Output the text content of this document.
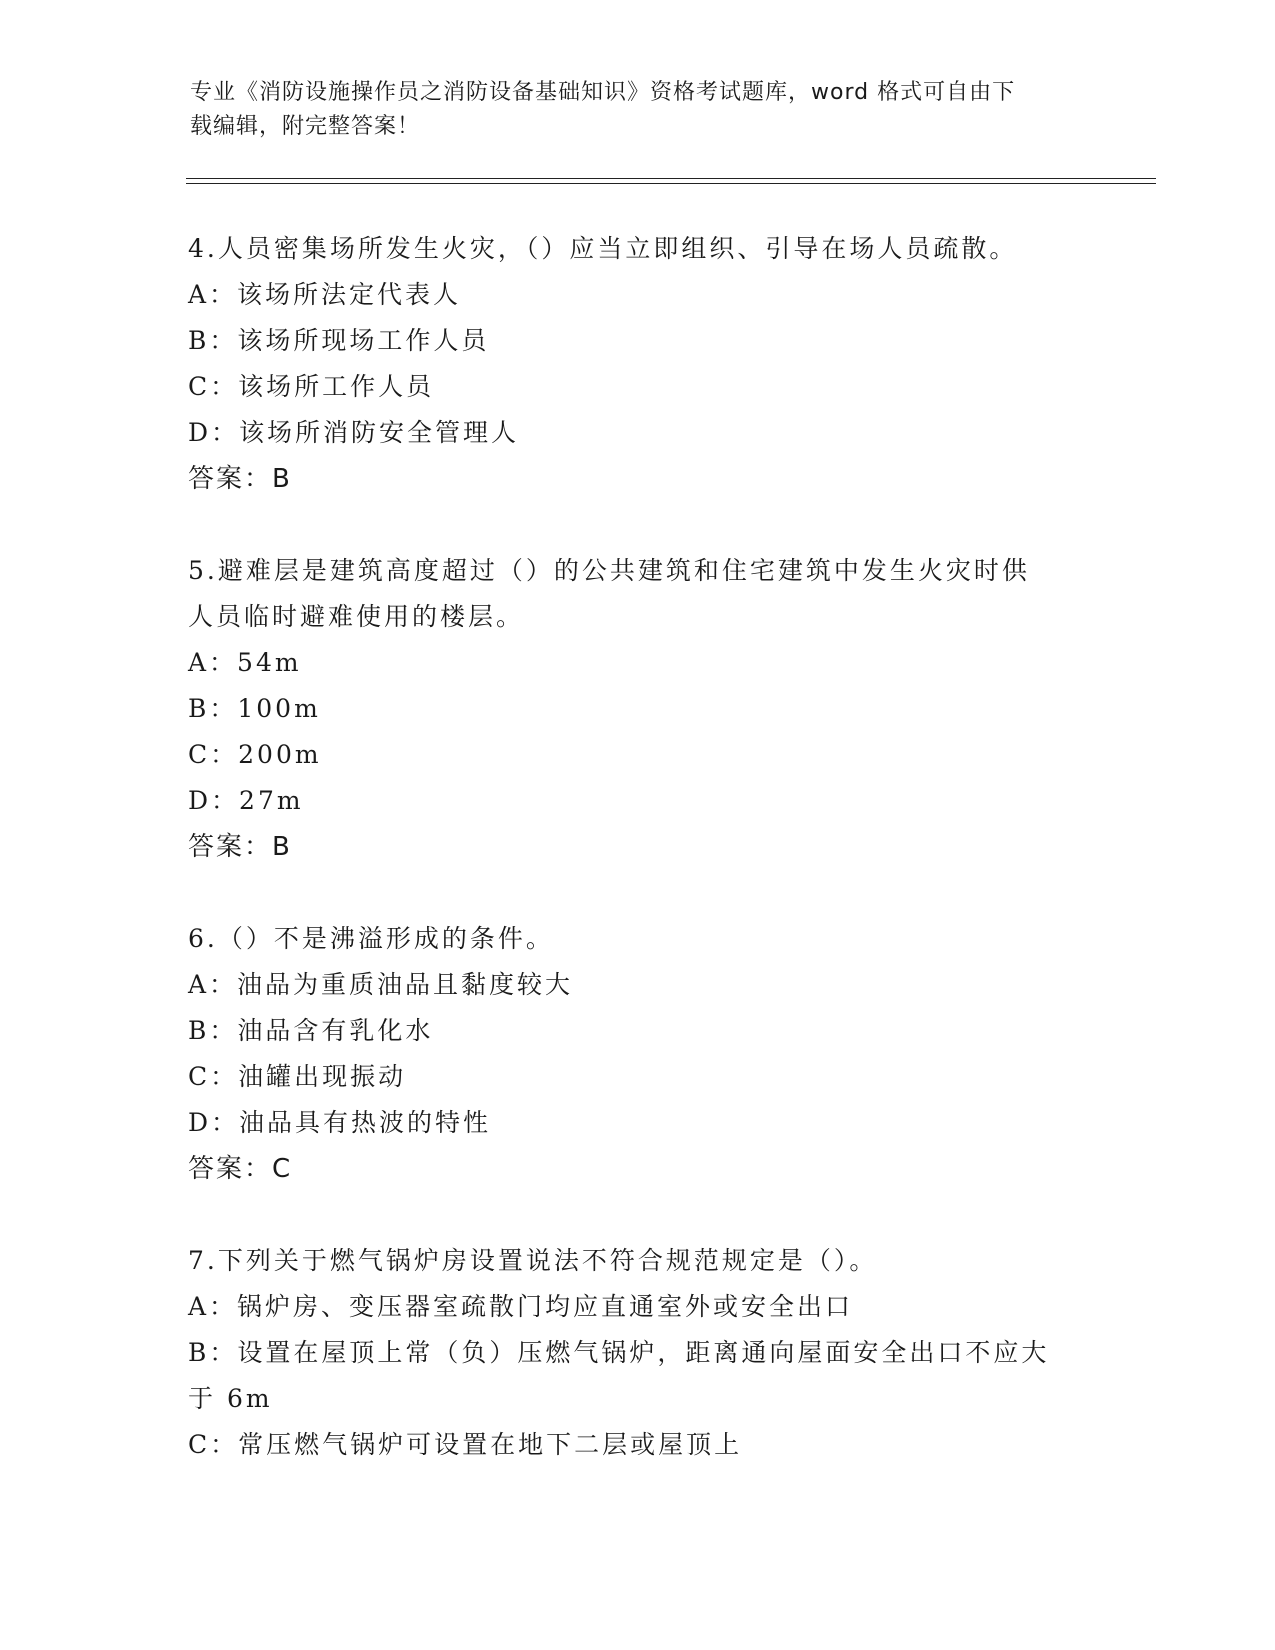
专业《消防设施操作员之消防设备基础知识》资格考试题库，word 格式可自由下
载编辑，附完整答案！
4.人员密集场所发生火灾，（）应当立即组织、引导在场人员疏散。
A：该场所法定代表人
B：该场所现场工作人员
C：该场所工作人员
D：该场所消防安全管理人
答案：B
5.避难层是建筑高度超过（）的公共建筑和住宅建筑中发生火灾时供
人员临时避难使用的楼层。
A：54m
B：100m
C：200m
D：27m
答案：B
6.（）不是沸溢形成的条件。
A：油品为重质油品且黏度较大
B：油品含有乳化水
C：油罐出现振动
D：油品具有热波的特性
答案：C
7.下列关于燃气锅炉房设置说法不符合规范规定是（）。
A：锅炉房、变压器室疏散门均应直通室外或安全出口
B：设置在屋顶上常（负）压燃气锅炉，距离通向屋面安全出口不应大
于 6m
C：常压燃气锅炉可设置在地下二层或屋顶上
